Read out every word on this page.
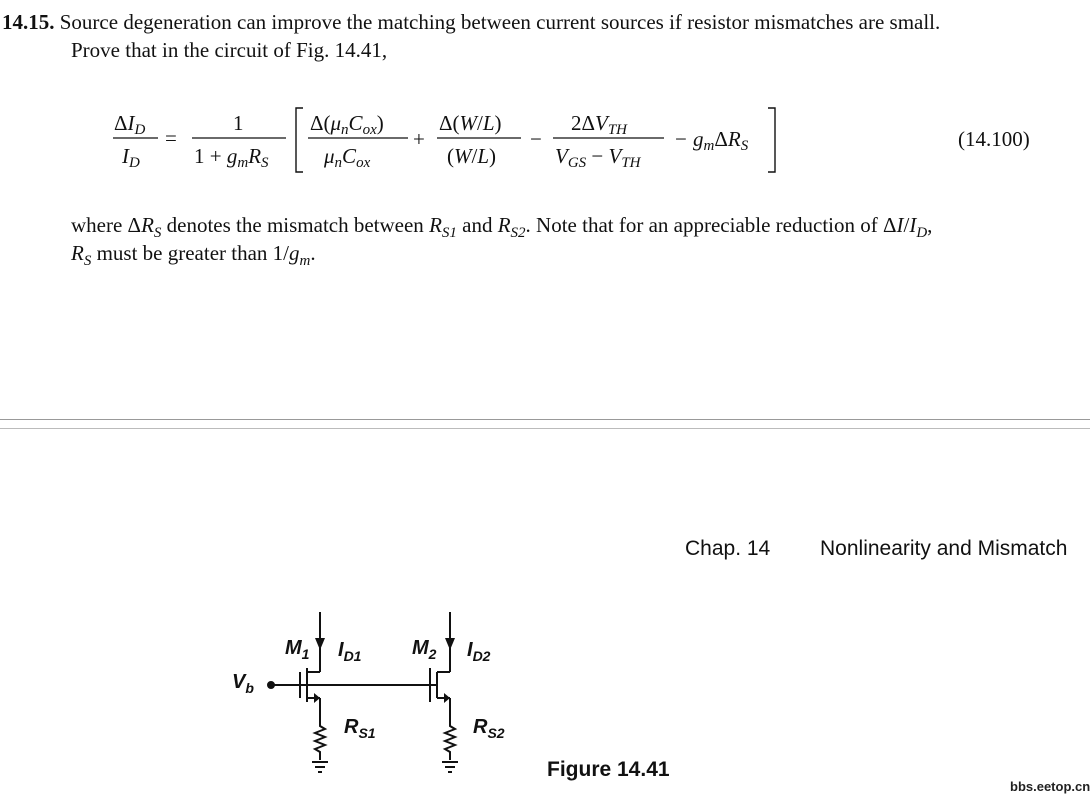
14.15. Source degeneration can improve the matching between current sources if resistor mismatches are small.
Prove that in the circuit of Fig. 14.41,
ΔID
ID
=
1
1 + gmRS
Δ(μnCox)
μnCox
+
Δ(W/L)
(W/L)
−
2ΔVTH
VGS − VTH
− gmΔRS	(14.100)
where $\Delta R_S$ denotes the mismatch between $R_{S1}$ and $R_{S2}$. Note that for an appreciable reduction of $\Delta I/I_D$,
$R_S$ must be greater than $1/g_m$.
Chap. 14 Nonlinearity and Mismatch
$V_b$
$M_1$ $I_{D1}$	$M_2$ $I_{D2}$
$R_{S1}$	$R_{S2}$
Figure 14.41
bbs.eetop.cn
